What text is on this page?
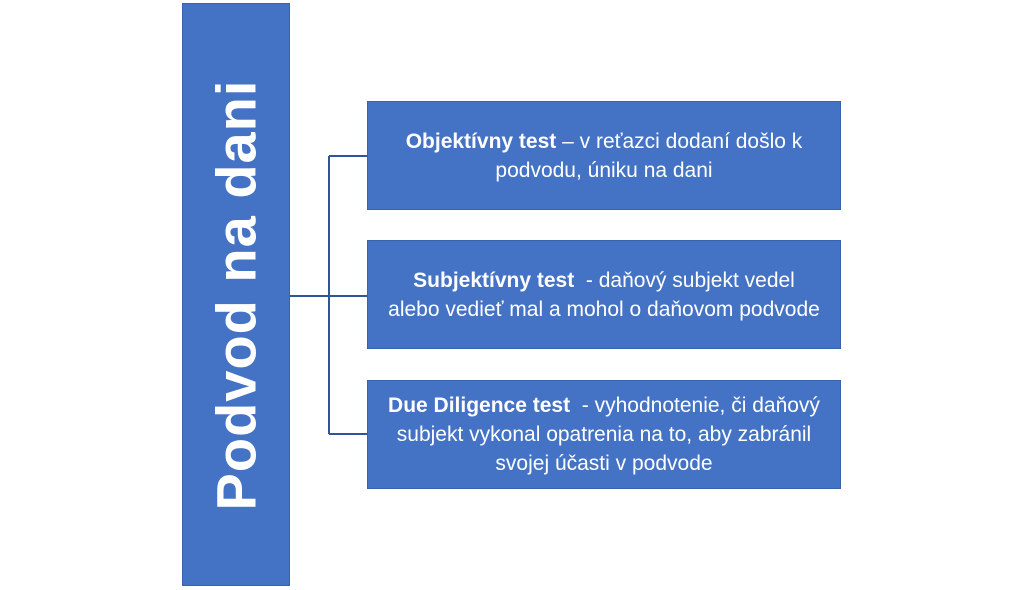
Podvod na dani	Objektívny test – v reťazci dodaní došlo k podvodu, úniku na dani
Subjektívny test  - daňový subjekt vedel alebo vedieť mal a mohol o daňovom podvode
Due Diligence test  - vyhodnotenie, či daňový subjekt vykonal opatrenia na to, aby zabránil svojej účasti v podvode
